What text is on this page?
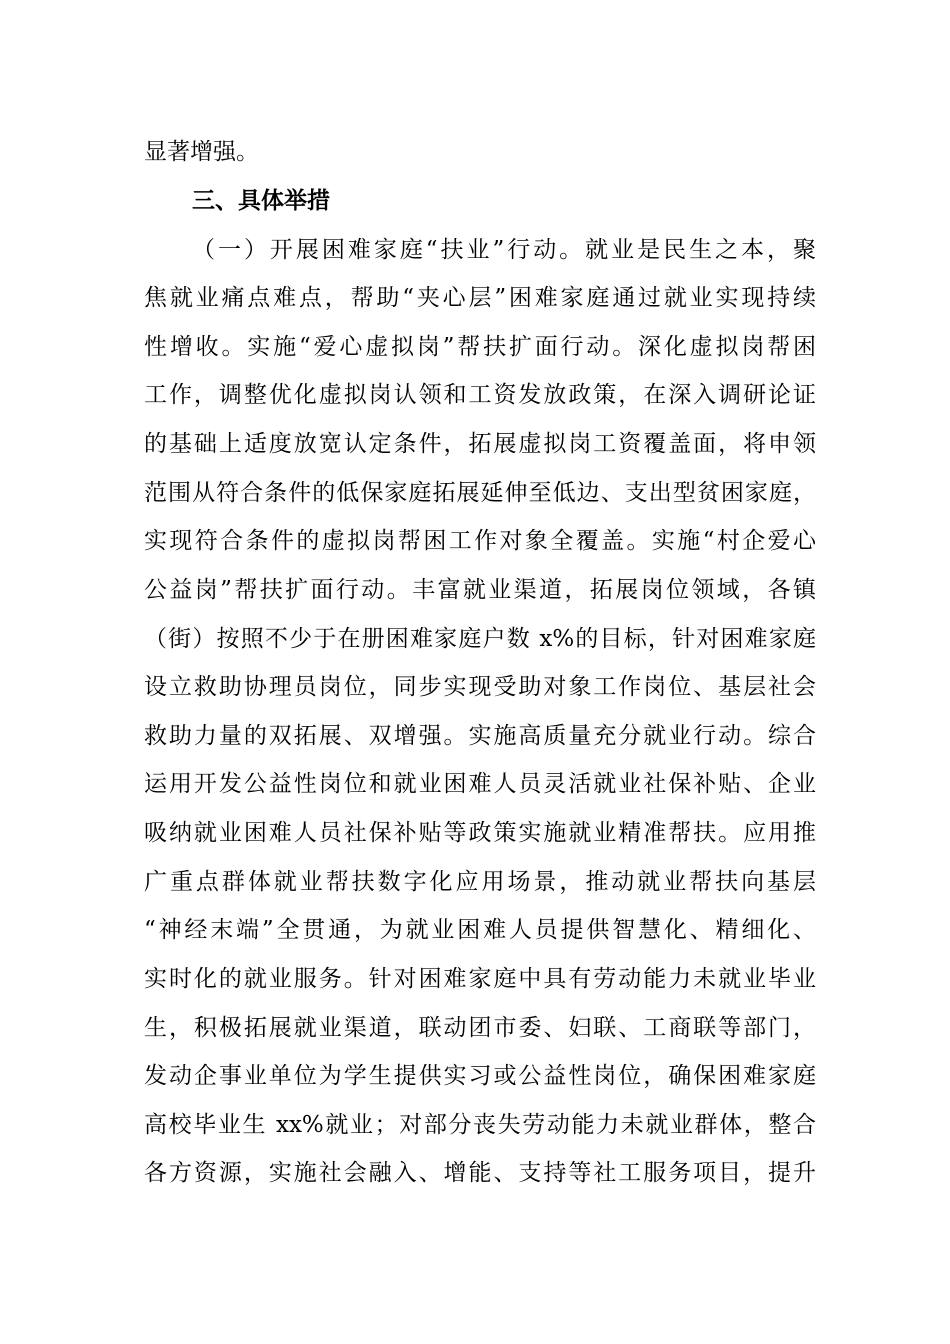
显著增强。
三、具体举措
（一）开展困难家庭“扶业”行动。就业是民生之本，聚
焦就业痛点难点，帮助“夹心层”困难家庭通过就业实现持续
性增收。实施“爱心虚拟岗”帮扶扩面行动。深化虚拟岗帮困
工作，调整优化虚拟岗认领和工资发放政策，在深入调研论证
的基础上适度放宽认定条件，拓展虚拟岗工资覆盖面，将申领
范围从符合条件的低保家庭拓展延伸至低边、支出型贫困家庭，
实现符合条件的虚拟岗帮困工作对象全覆盖。实施“村企爱心
公益岗”帮扶扩面行动。丰富就业渠道，拓展岗位领域，各镇
（街）按照不少于在册困难家庭户数 x%的目标，针对困难家庭
设立救助协理员岗位，同步实现受助对象工作岗位、基层社会
救助力量的双拓展、双增强。实施高质量充分就业行动。综合
运用开发公益性岗位和就业困难人员灵活就业社保补贴、企业
吸纳就业困难人员社保补贴等政策实施就业精准帮扶。应用推
广重点群体就业帮扶数字化应用场景，推动就业帮扶向基层
“神经末端”全贯通，为就业困难人员提供智慧化、精细化、
实时化的就业服务。针对困难家庭中具有劳动能力未就业毕业
生，积极拓展就业渠道，联动团市委、妇联、工商联等部门，
发动企事业单位为学生提供实习或公益性岗位，确保困难家庭
高校毕业生 xx%就业；对部分丧失劳动能力未就业群体，整合
各方资源，实施社会融入、增能、支持等社工服务项目，提升
